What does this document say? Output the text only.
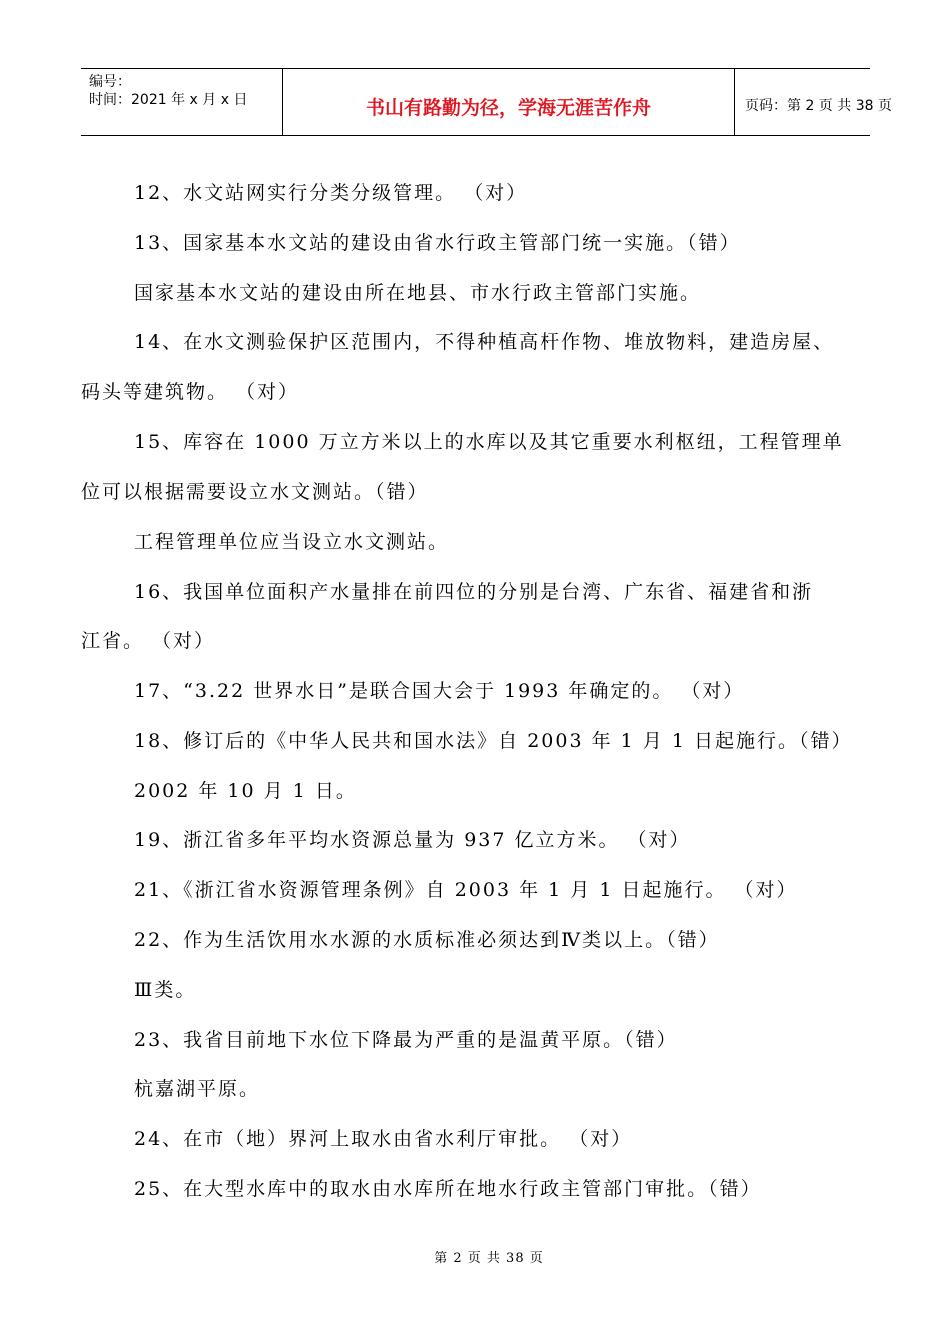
编号：
时间：2021 年 x 月 x 日	书山有路勤为径，学海无涯苦作舟	页码：第 2 页 共 38 页
12、水文站网实行分类分级管理。 （对）
13、国家基本水文站的建设由省水行政主管部门统一实施。（错）
国家基本水文站的建设由所在地县、市水行政主管部门实施。
14、在水文测验保护区范围内，不得种植高杆作物、堆放物料，建造房屋、
码头等建筑物。 （对）
15、库容在 1000 万立方米以上的水库以及其它重要水利枢纽，工程管理单
位可以根据需要设立水文测站。（错）
工程管理单位应当设立水文测站。
16、我国单位面积产水量排在前四位的分别是台湾、广东省、福建省和浙
江省。 （对）
17、“3.22 世界水日”是联合国大会于 1993 年确定的。 （对）
18、修订后的《中华人民共和国水法》自 2003 年 1 月 1 日起施行。（错）
2002 年 10 月 1 日。
19、浙江省多年平均水资源总量为 937 亿立方米。 （对）
21、《浙江省水资源管理条例》自 2003 年 1 月 1 日起施行。 （对）
22、作为生活饮用水水源的水质标准必须达到Ⅳ类以上。（错）
Ⅲ类。
23、我省目前地下水位下降最为严重的是温黄平原。（错）
杭嘉湖平原。
24、在市（地）界河上取水由省水利厅审批。 （对）
25、在大型水库中的取水由水库所在地水行政主管部门审批。（错）
第 2 页 共 38 页
